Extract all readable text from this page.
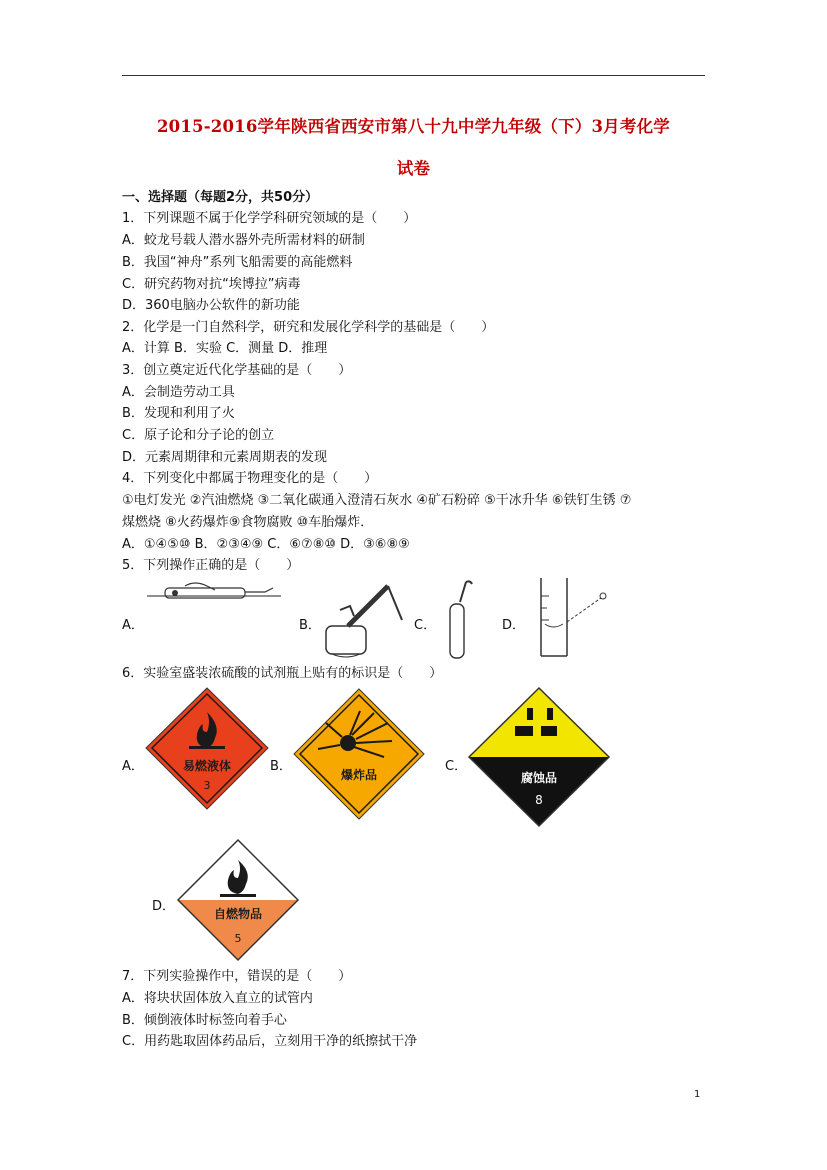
2015-2016学年陕西省西安市第八十九中学九年级（下）3月考化学
试卷
一、选择题（每题2分，共50分）
1．下列课题不属于化学学科研究领域的是（　　）
A．蛟龙号载人潜水器外壳所需材料的研制
B．我国“神舟”系列飞船需要的高能燃料
C．研究药物对抗“埃博拉”病毒
D．360电脑办公软件的新功能
2．化学是一门自然科学，研究和发展化学科学的基础是（　　）
A．计算 B．实验 C．测量 D．推理
3．创立奠定近代化学基础的是（　　）
A．会制造劳动工具
B．发现和利用了火
C．原子论和分子论的创立
D．元素周期律和元素周期表的发现
4．下列变化中都属于物理变化的是（　　）
①电灯发光 ②汽油燃烧 ③二氧化碳通入澄清石灰水 ④矿石粉碎 ⑤干冰升华 ⑥铁钉生锈 ⑦
煤燃烧 ⑧火药爆炸⑨食物腐败 ⑩车胎爆炸．
A．①④⑤⑩ B．②③④⑨ C．⑥⑦⑧⑩ D．③⑥⑧⑨
5．下列操作正确的是（　　）
A．	B．	C．	D．
6．实验室盛装浓硫酸的试剂瓶上贴有的标识是（　　）
A．	易燃液体
3
B．
爆炸品
C．
腐蚀品
8
D．	自燃物品
5
7．下列实验操作中，错误的是（　　）
A．将块状固体放入直立的试管内
B．倾倒液体时标签向着手心
C．用药匙取固体药品后，立刻用干净的纸擦拭干净
1
